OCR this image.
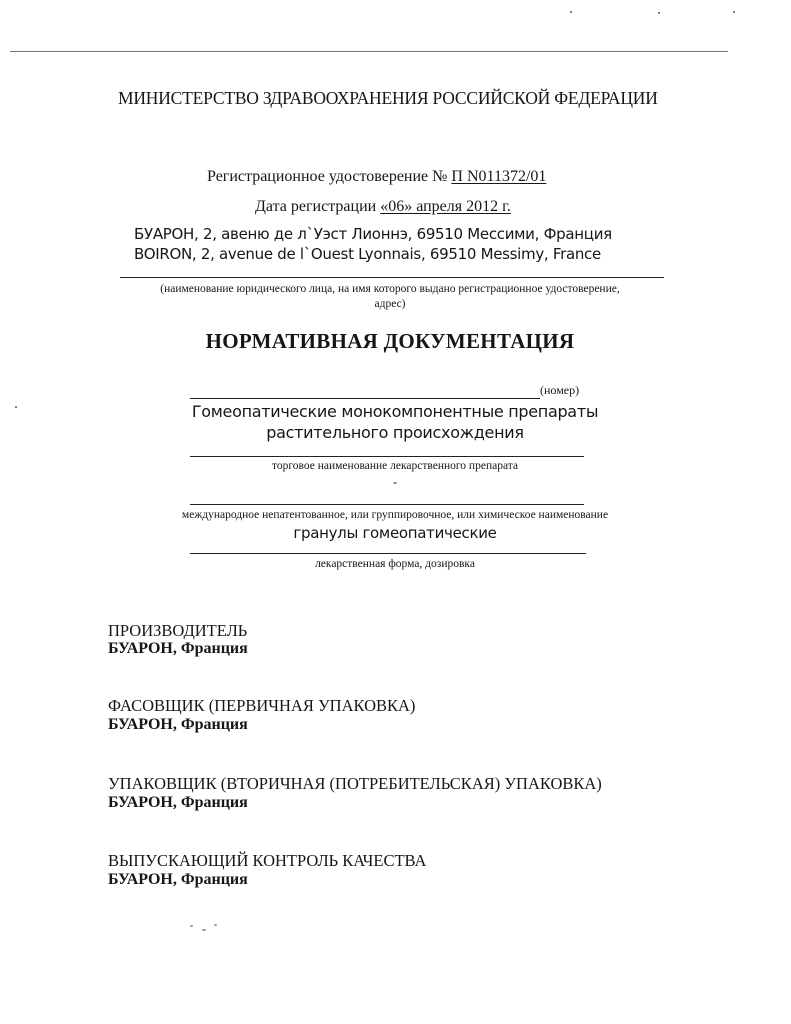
МИНИСТЕРСТВО ЗДРАВООХРАНЕНИЯ РОССИЙСКОЙ ФЕДЕРАЦИИ
Регистрационное удостоверение № П N011372/01
Дата регистрации «06» апреля 2012 г.
БУАРОН, 2, авеню де л`Уэст Лионнэ, 69510 Мессими, Франция
BOIRON, 2, avenue de l`Ouest Lyonnais, 69510 Messimy, France
(наименование юридического лица, на имя которого выдано регистрационное удостоверение,
адрес)
НОРМАТИВНАЯ ДОКУМЕНТАЦИЯ
(номер)
Гомеопатические монокомпонентные препараты
растительного происхождения
торговое наименование лекарственного препарата
-
международное непатентованное, или группировочное, или химическое наименование
гранулы гомеопатические
лекарственная форма, дозировка
ПРОИЗВОДИТЕЛЬ
БУАРОН, Франция
ФАСОВЩИК (ПЕРВИЧНАЯ УПАКОВКА)
БУАРОН, Франция
УПАКОВЩИК (ВТОРИЧНАЯ (ПОТРЕБИТЕЛЬСКАЯ) УПАКОВКА)
БУАРОН, Франция
ВЫПУСКАЮЩИЙ КОНТРОЛЬ КАЧЕСТВА
БУАРОН, Франция
